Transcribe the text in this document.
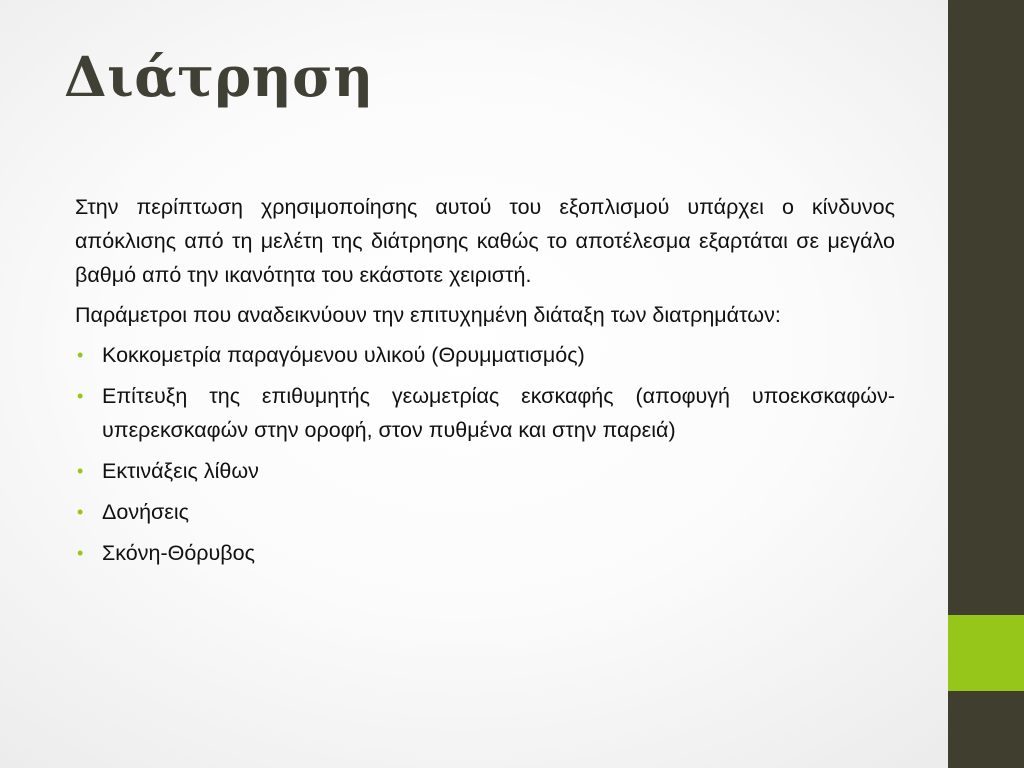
Διάτρηση

Στην περίπτωση χρησιμοποίησης αυτού του εξοπλισμού υπάρχει ο κίνδυνος απόκλισης από τη μελέτη της διάτρησης καθώς το αποτέλεσμα εξαρτάται σε μεγάλο βαθμό από την ικανότητα του εκάστοτε χειριστή.

Παράμετροι που αναδεικνύουν την επιτυχημένη διάταξη των διατρημάτων:

• Κοκκομετρία παραγόμενου υλικού (Θρυμματισμός)
• Επίτευξη της επιθυμητής γεωμετρίας εκσκαφής (αποφυγή υποεκσκαφών-υπερεκσκαφών στην οροφή, στον πυθμένα και στην παρειά)
• Εκτινάξεις λίθων
• Δονήσεις
• Σκόνη-Θόρυβος
